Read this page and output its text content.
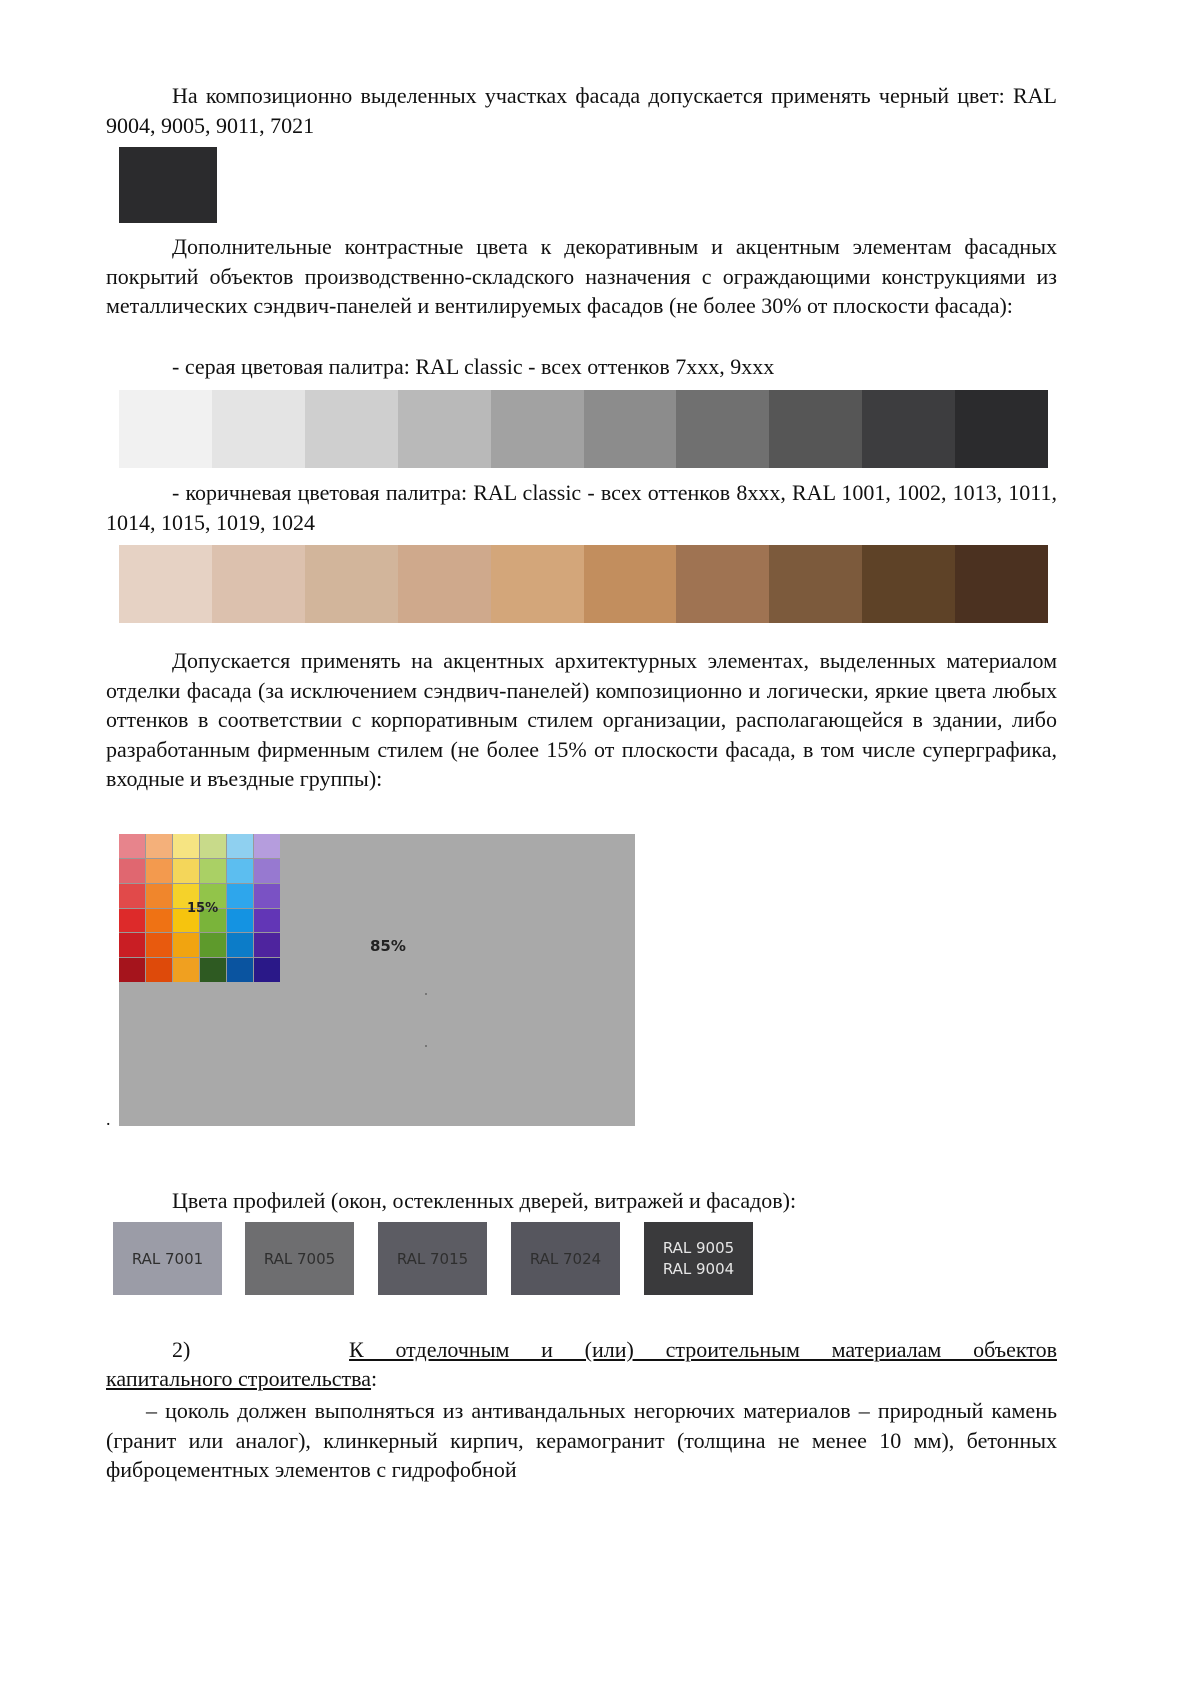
На композиционно выделенных участках фасада допускается применять черный цвет: RAL 9004, 9005, 9011, 7021

Дополнительные контрастные цвета к декоративным и акцентным элементам фасадных покрытий объектов производственно-складского назначения с ограждающими конструкциями из металлических сэндвич-панелей и вентилируемых фасадов (не более 30% от плоскости фасада):

- серая цветовая палитра: RAL classic - всех оттенков 7ххх, 9ххх

- коричневая цветовая палитра: RAL classic - всех оттенков 8ххх, RAL 1001, 1002, 1013, 1011, 1014, 1015, 1019, 1024

Допускается применять на акцентных архитектурных элементах, выделенных материалом отделки фасада (за исключением сэндвич-панелей) композиционно и логически, яркие цвета любых оттенков в соответствии с корпоративным стилем организации, располагающейся в здании, либо разработанным фирменным стилем (не более 15% от плоскости фасада, в том числе суперграфика, входные и въездные группы):

15%
85%
.

Цвета профилей (окон, остекленных дверей, витражей и фасадов):

RAL 7001	RAL 7005	RAL 7015	RAL 7024
RAL 9005
RAL 9004

2)	К отделочным и (или) строительным материалам объектов

капитального строительства:

– цоколь должен выполняться из антивандальных негорючих материалов – природный камень (гранит или аналог), клинкерный кирпич, керамогранит (толщина не менее 10 мм), бетонных фиброцементных элементов с гидрофобной
